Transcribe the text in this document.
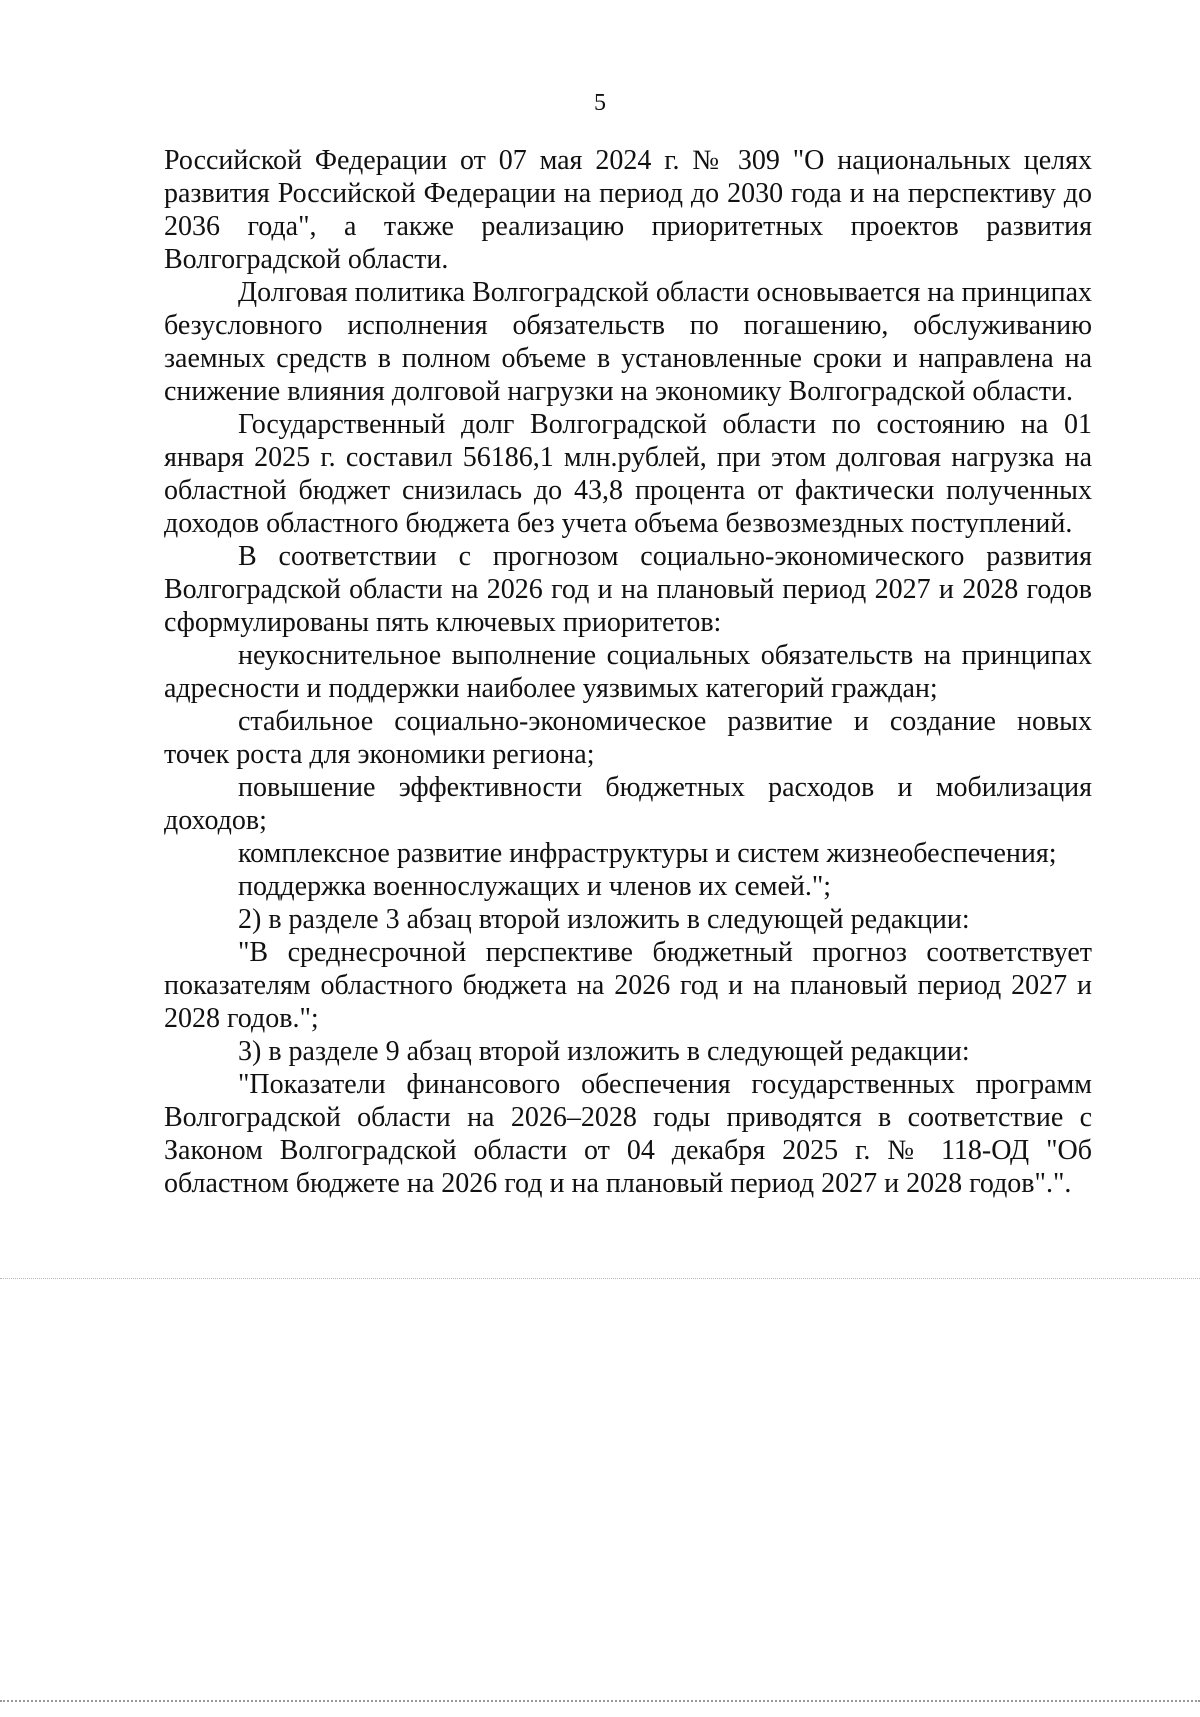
5

Российской Федерации от 07 мая 2024 г. № 309 "О национальных целях развития Российской Федерации на период до 2030 года и на перспективу до 2036 года", а также реализацию приоритетных проектов развития Волгоградской области.

Долговая политика Волгоградской области основывается на принципах безусловного исполнения обязательств по погашению, обслуживанию заемных средств в полном объеме в установленные сроки и направлена на снижение влияния долговой нагрузки на экономику Волгоградской области.

Государственный долг Волгоградской области по состоянию на 01 января 2025 г. составил 56186,1 млн.рублей, при этом долговая нагрузка на областной бюджет снизилась до 43,8 процента от фактически полученных доходов областного бюджета без учета объема безвозмездных поступлений.

В соответствии с прогнозом социально-экономического развития Волгоградской области на 2026 год и на плановый период 2027 и 2028 годов сформулированы пять ключевых приоритетов:

неукоснительное выполнение социальных обязательств на принципах адресности и поддержки наиболее уязвимых категорий граждан;

стабильное социально-экономическое развитие и создание новых точек роста для экономики региона;

повышение эффективности бюджетных расходов и мобилизация доходов;

комплексное развитие инфраструктуры и систем жизнеобеспечения;

поддержка военнослужащих и членов их семей.";

2) в разделе 3 абзац второй изложить в следующей редакции:

"В среднесрочной перспективе бюджетный прогноз соответствует показателям областного бюджета на 2026 год и на плановый период 2027 и 2028 годов.";

3) в разделе 9 абзац второй изложить в следующей редакции:

"Показатели финансового обеспечения государственных программ Волгоградской области на 2026–2028 годы приводятся в соответствие с Законом Волгоградской области от 04 декабря 2025 г. № 118-ОД "Об областном бюджете на 2026 год и на плановый период 2027 и 2028 годов".".
